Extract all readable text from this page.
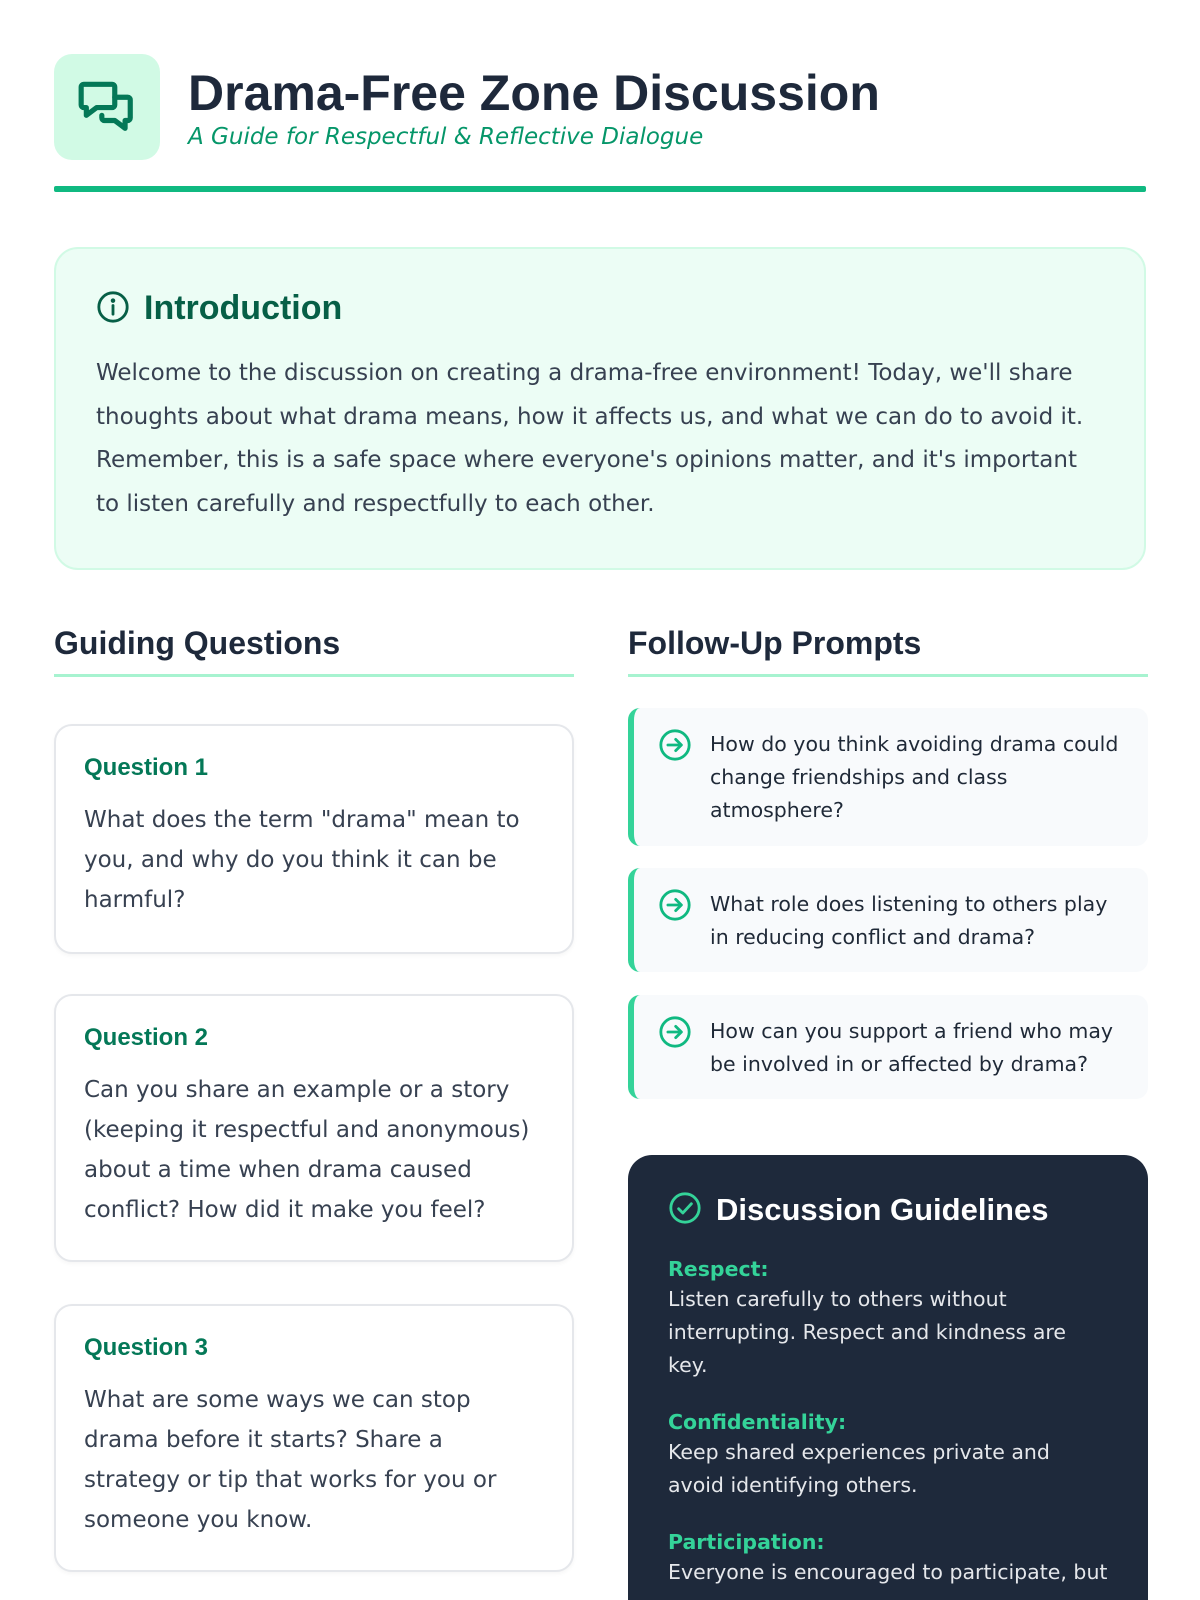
Drama-Free Zone Discussion
A Guide for Respectful & Reflective Dialogue
Introduction
Welcome to the discussion on creating a drama-free environment! Today, we'll share thoughts about what drama means, how it affects us, and what we can do to avoid it. Remember, this is a safe space where everyone's opinions matter, and it's important to listen carefully and respectfully to each other.
Guiding Questions	Follow-Up Prompts
Question 1
What does the term "drama" mean to you, and why do you think it can be harmful?
Question 2
Can you share an example or a story (keeping it respectful and anonymous) about a time when drama caused conflict? How did it make you feel?
Question 3
What are some ways we can stop drama before it starts? Share a strategy or tip that works for you or someone you know.
How do you think avoiding drama could change friendships and class atmosphere?
What role does listening to others play in reducing conflict and drama?
How can you support a friend who may be involved in or affected by drama?
Discussion Guidelines
Respect:
Listen carefully to others without interrupting. Respect and kindness are key.
Confidentiality:
Keep shared experiences private and avoid identifying others.
Participation:
Everyone is encouraged to participate, but
